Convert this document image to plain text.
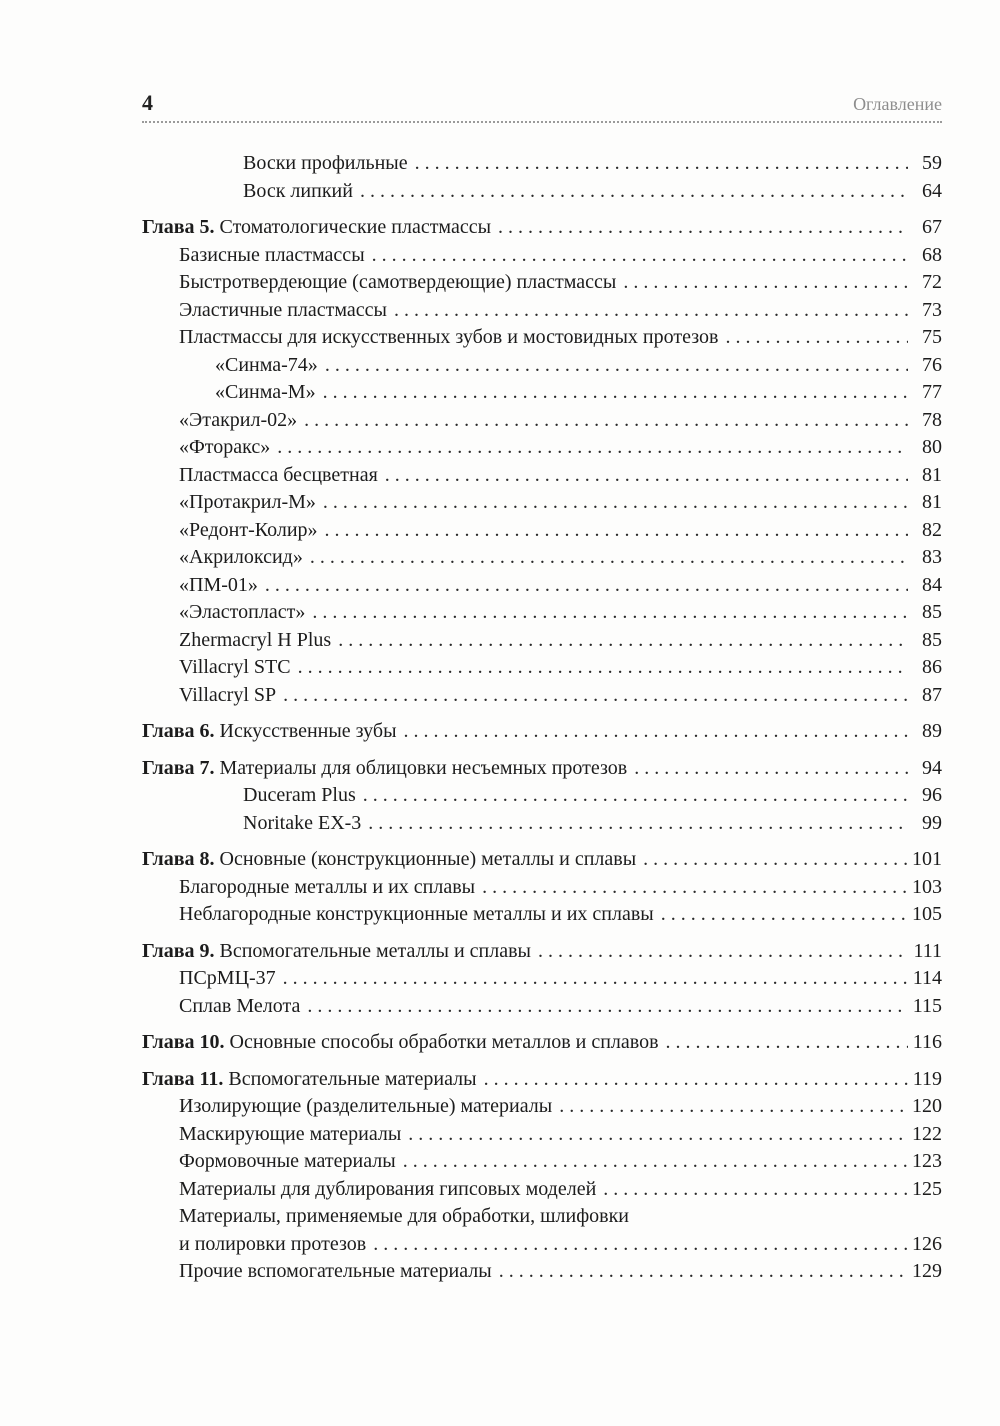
4	Оглавление
Воски профильные . . .	59
Воск липкий . . .	64
Глава 5. Стоматологические пластмассы . . .	67
Базисные пластмассы . . .	68
Быстротвердеющие (самотвердеющие) пластмассы . . .	72
Эластичные пластмассы . . .	73
Пластмассы для искусственных зубов и мостовидных протезов . . .	75
«Синма-74» . . .	76
«Синма-М» . . .	77
«Этакрил-02» . . .	78
«Фторакс» . . .	80
Пластмасса бесцветная . . .	81
«Протакрил-М» . . .	81
«Редонт-Колир» . . .	82
«Акрилоксид» . . .	83
«ПМ-01» . . .	84
«Эластопласт» . . .	85
Zhermacryl H Plus . . .	85
Villacryl STC . . .	86
Villacryl SP . . .	87
Глава 6. Искусственные зубы . . .	89
Глава 7. Материалы для облицовки несъемных протезов . . .	94
Duceram Plus . . .	96
Noritake EX-3 . . .	99
Глава 8. Основные (конструкционные) металлы и сплавы . . .	101
Благородные металлы и их сплавы . . .	103
Неблагородные конструкционные металлы и их сплавы . . .	105
Глава 9. Вспомогательные металлы и сплавы . . .	111
ПСрМЦ-37 . . .	114
Сплав Мелота . . .	115
Глава 10. Основные способы обработки металлов и сплавов . . .	116
Глава 11. Вспомогательные материалы . . .	119
Изолирующие (разделительные) материалы . . .	120
Маскирующие материалы . . .	122
Формовочные материалы . . .	123
Материалы для дублирования гипсовых моделей . . .	125
Материалы, применяемые для обработки, шлифовки
и полировки протезов . . .	126
Прочие вспомогательные материалы . . .	129
